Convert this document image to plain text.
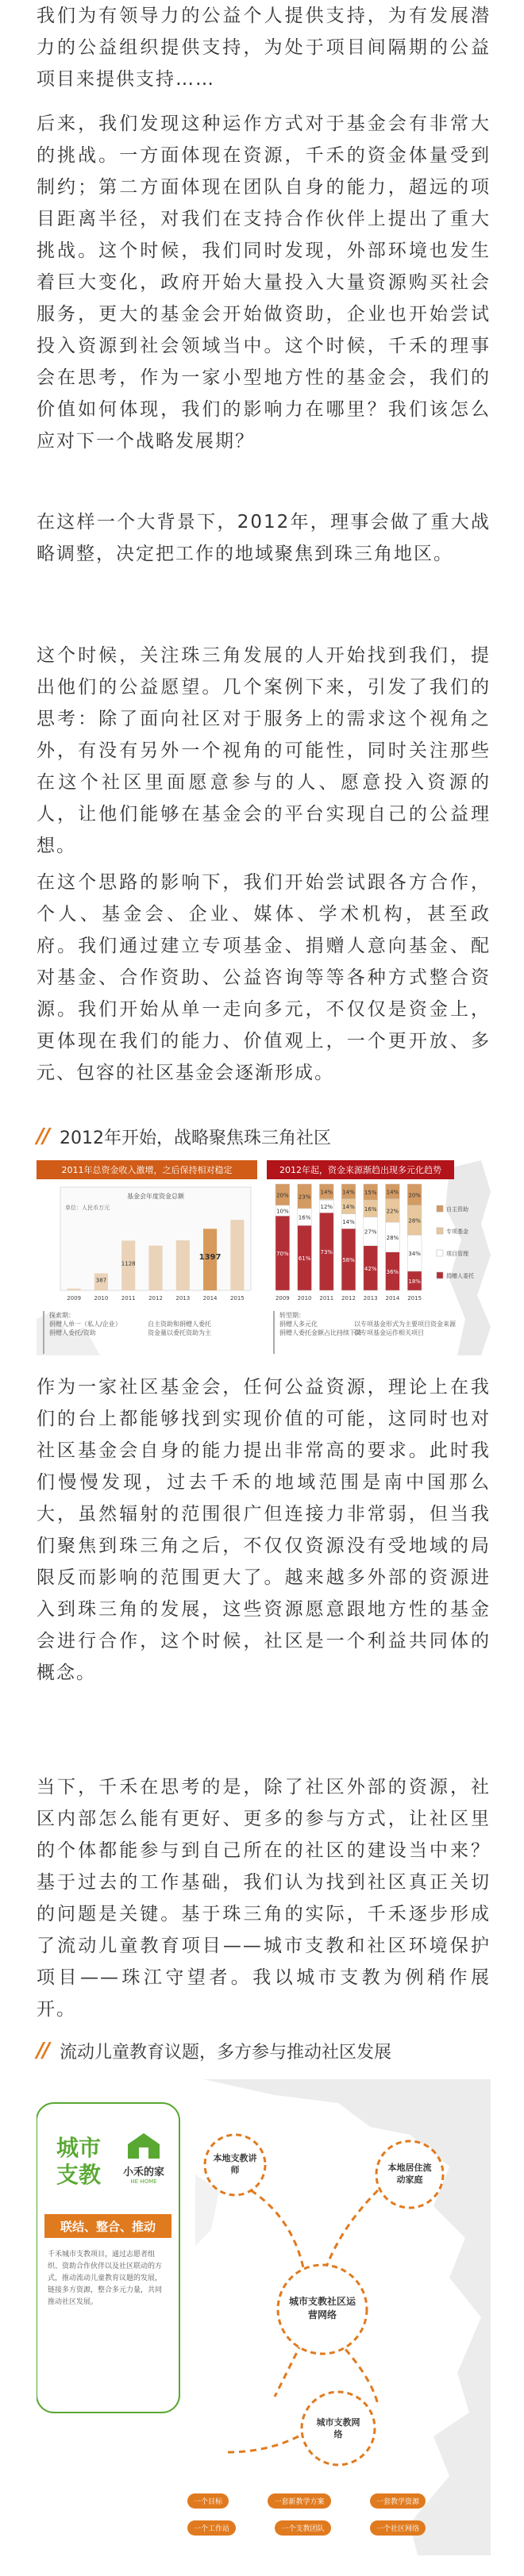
我们为有领导力的公益个人提供支持，为有发展潜力的公益组织提供支持，为处于项目间隔期的公益项目来提供支持……

后来，我们发现这种运作方式对于基金会有非常大的挑战。一方面体现在资源，千禾的资金体量受到制约；第二方面体现在团队自身的能力，超远的项目距离半径，对我们在支持合作伙伴上提出了重大挑战。这个时候，我们同时发现，外部环境也发生着巨大变化，政府开始大量投入大量资源购买社会服务，更大的基金会开始做资助，企业也开始尝试投入资源到社会领域当中。这个时候，千禾的理事会在思考，作为一家小型地方性的基金会，我们的价值如何体现，我们的影响力在哪里？我们该怎么应对下一个战略发展期？

在这样一个大背景下，2012年，理事会做了重大战略调整，决定把工作的地域聚焦到珠三角地区。

这个时候，关注珠三角发展的人开始找到我们，提出他们的公益愿望。几个案例下来，引发了我们的思考：除了面向社区对于服务上的需求这个视角之外，有没有另外一个视角的可能性，同时关注那些在这个社区里面愿意参与的人、愿意投入资源的人，让他们能够在基金会的平台实现自己的公益理想。

在这个思路的影响下，我们开始尝试跟各方合作，个人、基金会、企业、媒体、学术机构，甚至政府。我们通过建立专项基金、捐赠人意向基金、配对基金、合作资助、公益咨询等等各种方式整合资源。我们开始从单一走向多元，不仅仅是资金上，更体现在我们的能力、价值观上，一个更开放、多元、包容的社区基金会逐渐形成。

// 2012年开始，战略聚焦珠三角社区
2011年总资金收入激增，之后保持相对稳定	2012年起，资金来源渐趋出现多元化趋势
基金会年度资金总额
单位：人民币万元
2009
387
2010
1128
2011 2012 2013
1397
2014 2015
70%
10%
20%
2009
61%
16%
23%
2010
73%
12%
14%
2011
58%
14%
14%
14%
2012
42%
27%
16%
15%
2013
36%
28%
22%
14%
2014
18%
34%
28%
20%
2015
自主资助
专项基金
项目管理
捐赠人委托
探索期：
捐赠人单一（私人/企业）
捐赠人委托/资助
自主资助和捐赠人委托
资金量以委托资助为主
转型期：
捐赠人多元化
捐赠人委托金额占比持续下降
以专项基金形式为主要项目资金来源
以专项基金运作相关项目

作为一家社区基金会，任何公益资源，理论上在我们的台上都能够找到实现价值的可能，这同时也对社区基金会自身的能力提出非常高的要求。此时我们慢慢发现，过去千禾的地域范围是南中国那么大，虽然辐射的范围很广但连接力非常弱，但当我们聚焦到珠三角之后，不仅仅资源没有受地域的局限反而影响的范围更大了。越来越多外部的资源进入到珠三角的发展，这些资源愿意跟地方性的基金会进行合作，这个时候，社区是一个利益共同体的概念。

当下，千禾在思考的是，除了社区外部的资源，社区内部怎么能有更好、更多的参与方式，让社区里的个体都能参与到自己所在的社区的建设当中来？基于过去的工作基础，我们认为找到社区真正关切的问题是关键。基于珠三角的实际，千禾逐步形成了流动儿童教育项目——城市支教和社区环境保护项目——珠江守望者。我以城市支教为例稍作展开。

// 流动儿童教育议题，多方参与推动社区发展
城市
支教	小禾的家
HE HOME
联结、整合、推动
千禾城市支教项目，通过志愿者组织、资助合作伙伴以及社区联动的方式，推动流动儿童教育议题的发展，链接多方资源，整合多元力量，共同推动社区发展。
本地支教讲师	本地居住流动家庭
城市支教社区运营网络
城市支教网络
一个目标	一套新教学方案	一套教学资源
一个工作站	一个支教团队	一个社区网络
